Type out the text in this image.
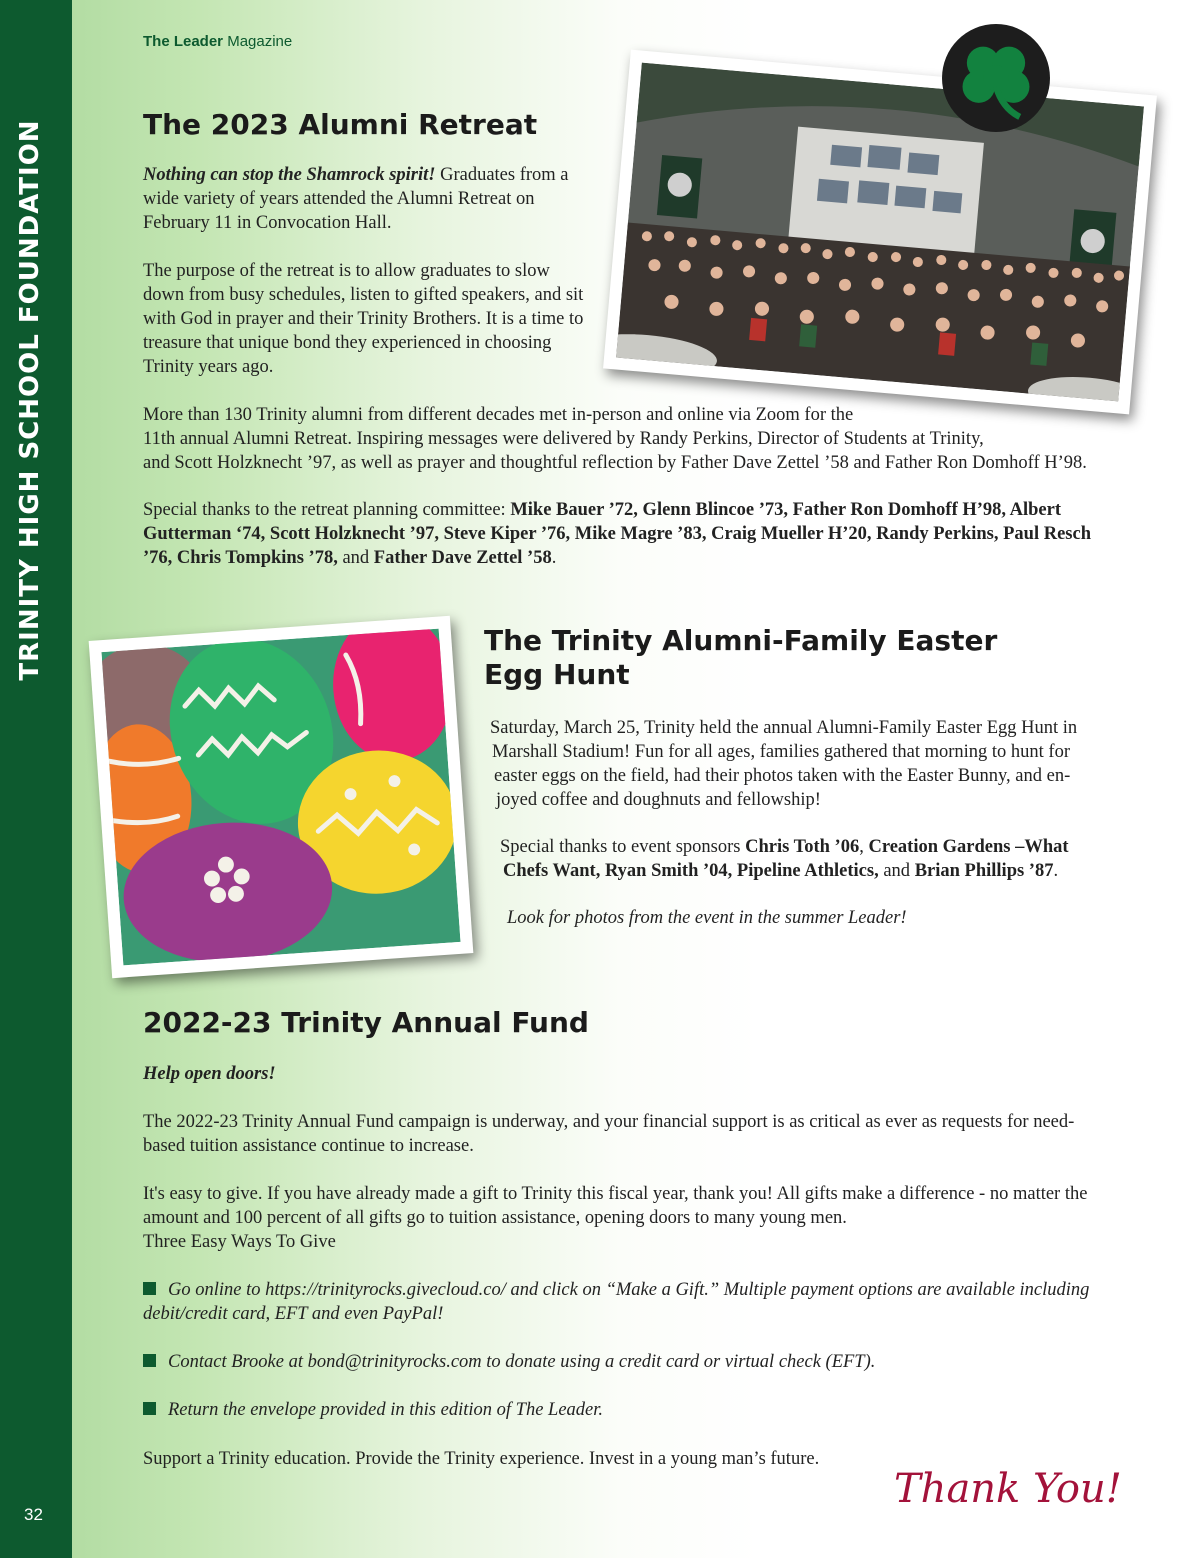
TRINITY HIGH SCHOOL FOUNDATION
32
The Leader Magazine
The 2023 Alumni Retreat

Nothing can stop the Shamrock spirit! Graduates from a wide variety of years attended the Alumni Retreat on February 11 in Convocation Hall.

The purpose of the retreat is to allow graduates to slow down from busy schedules, listen to gifted speakers, and sit with God in prayer and their Trinity Brothers. It is a time to treasure that unique bond they experienced in choosing Trinity years ago.

More than 130 Trinity alumni from different decades met in-person and online via Zoom for the

11th annual Alumni Retreat. Inspiring messages were delivered by Randy Perkins, Director of Students at Trinity,

and Scott Holzknecht ’97, as well as prayer and thoughtful reflection by Father Dave Zettel ’58 and Father Ron Domhoff H’98.

Special thanks to the retreat planning committee: Mike Bauer ’72, Glenn Blincoe ’73, Father Ron Domhoff H’98, Albert Gutterman ‘74, Scott Holzknecht ’97, Steve Kiper ’76, Mike Magre ’83, Craig Mueller H’20, Randy Perkins, Paul Resch ’76, Chris Tompkins ’78, and Father Dave Zettel ’58.

The Trinity Alumni-Family Easter
Egg Hunt

Saturday, March 25, Trinity held the annual Alumni-Family Easter Egg Hunt in

Marshall Stadium! Fun for all ages, families gathered that morning to hunt for

easter eggs on the field, had their photos taken with the Easter Bunny, and en-

joyed coffee and doughnuts and fellowship!

Special thanks to event sponsors Chris Toth ’06, Creation Gardens –What

Chefs Want, Ryan Smith ’04, Pipeline Athletics, and Brian Phillips ’87.

Look for photos from the event in the summer Leader!

2022-23 Trinity Annual Fund

Help open doors!

The 2022-23 Trinity Annual Fund campaign is underway, and your financial support is as critical as ever as requests for need-based tuition assistance continue to increase.

It's easy to give. If you have already made a gift to Trinity this fiscal year, thank you! All gifts make a difference - no matter the amount and 100 percent of all gifts go to tuition assistance, opening doors to many young men.

Three Easy Ways To Give

Go online to https://trinityrocks.givecloud.co/ and click on “Make a Gift.” Multiple payment options are available including debit/credit card, EFT and even PayPal!

Contact Brooke at bond@trinityrocks.com to donate using a credit card or virtual check (EFT).

Return the envelope provided in this edition of The Leader.

Support a Trinity education. Provide the Trinity experience. Invest in a young man’s future.

Thank You!
